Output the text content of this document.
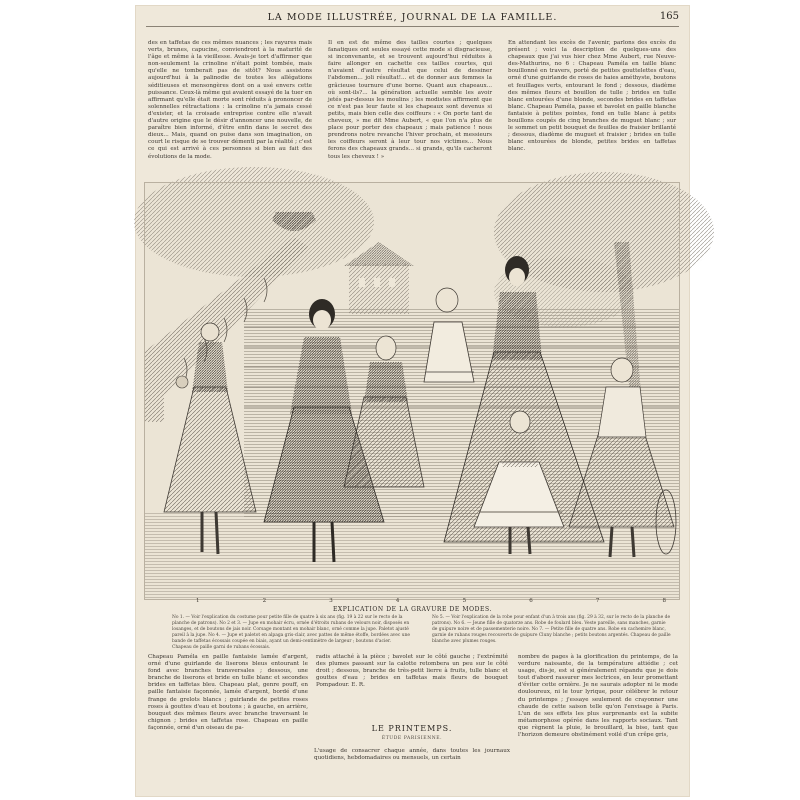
LA MODE ILLUSTRÉE, JOURNAL DE LA FAMILLE.	165

des en taffetas de ces mêmes nuances ; les rayures mais verts, brunes, capucine, conviendront à la maturité de l'âge et même à la vieillesse. Avais-je tort d'affirmer que non-seulement la crinoline n'était point tombée, mais qu'elle ne tomberait pas de sitôt? Nous assistons aujourd'hui à la palinodie de toutes les allégations séditieuses et mensongères dont on a usé envers cette puissance. Ceux-là même qui avaient essayé de la tuer en affirmant qu'elle était morte sont réduits à prononcer de solennelles rétractations : la crinoline n'a jamais cessé d'exister, et la croisade entreprise contre elle n'avait d'autre origine que le désir d'annoncer une nouvelle, de paraître bien informé, d'être enfin dans le secret des dieux... Mais, quand on puise dans son imagination, on court le risque de se trouver démenti par la réalité ; c'est ce qui est arrivé à ces personnes si bien au fait des évolutions de la mode.

Il en est de même des tailles courtes ; quelques fanatiques ont seules essayé cette mode si disgracieuse, si inconvenante, et se trouvent aujourd'hui réduites à faire allonger en cachette ces tailles courtes, qui n'avaient d'autre résultat que celui de dessiner l'abdomen... joli résultat!... et de donner aux femmes la grâcieuse tournure d'une borne. Quant aux chapeaux... où sont-ils?... la génération actuelle semble les avoir jetés par-dessus les moulins ; les modistes affirment que ce n'est pas leur faute si les chapeaux sont devenus si petits, mais bien celle des coiffeurs : « On porte tant de cheveux, » me dit Mme Aubert, « que l'on n'a plus de place pour porter des chapeaux ; mais patience ! nous prendrons notre revanche l'hiver prochain, et messieurs les coiffeurs seront à leur tour nos victimes... Nous ferons des chapeaux grands... si grands, qu'ils cacheront tous les cheveux ! »

En attendant les excès de l'avenir, parlons des excès du présent ; voici la description de quelques-uns des chapeaux que j'ai vus hier chez Mme Aubert, rue Neuve-des-Mathurins, no 6 : Chapeau Paméla en taille blanc bouillonné en travers, porté de petites gouttelettes d'eau, orné d'une guirlande de roses de haies améthyste, boutons et feuillages verts, entourant le fond ; dessous, diadème des mêmes fleurs et bouillon de tulle ; brides en tulle blanc entourées d'une blonde, secondes brides en taffetas blanc. Chapeau Paméla, passe et bavolet en paille blanche fantaisie à petites pointes, fond en tulle blanc à petits bouillons coupés de cinq branches de muguet blanc ; sur le sommet un petit bouquet de feuilles de fraisier brillanté ; dessous, diadème de muguet et fraisier ; brides en tulle blanc entourées de blonde, petites brides en taffetas blanc.

1	2	3	4	5	6	7	8
EXPLICATION DE LA GRAVURE DE MODES.

No 1. — Voir l'explication du costume pour petite fille de quatre à six ans (fig. 19 à 22 sur le recto de la planche de patrons). No 2 et 3. — Jupe en mohair écru, ornée d'étroits rubans de velours noir, disposés en losanges, et de boutons de jais noir. Corsage montant en mohair blanc, orné comme la jupe. Paletot ajusté pareil à la jupe. No 4. — Jupe et paletot en alpaga gris-clair, avec pattes de même étoffe, bordées avec une bande de taffetas écossais coupée en biais, ayant un demi-centimètre de largeur ; boutons d'acier. Chapeau de paille garni de rubans écossais.

No 5. — Voir l'explication de la robe pour enfant d'un à trois ans (fig. 29 à 32, sur le recto de la planche de patrons). No 6. — Jeune fille de quatorze ans. Robe de foulard bleu. Veste pareille, sans manches, garnie de guipure noire et de passementerie noire. No 7. — Petite fille de quatre ans. Robe en cachemire blanc, garnie de rubans rouges recouverts de guipure Cluny blanche ; petits boutons argentés. Chapeau de paille blanche avec plumes rouges.

Chapeau Paméla en paille fantaisie lamée d'argent, orné d'une guirlande de liserons bleus entourant le fond avec branches transversales ; dessous, une branche de liserons et bride en tulle blanc et secondes brides en taffetas bleu. Chapeau plat, genre pouff, en paille fantaisie façonnée, lamée d'argent, bordé d'une frange de grelots blancs ; guirlande de petites roses roses à gouttes d'eau et boutons ; à gauche, en arrière, bouquet des mêmes fleurs avec branche traversant le chignon ; brides en taffetas rose. Chapeau en paille façonnée, orné d'un oiseau de pa-

radis attaché à la pièce ; bavolet sur le côté gauche ; l'extrémité des plumes passant sur la calotte retombera un peu sur le côté droit ; dessous, branche de très-petit lierre à fruits, tulle blanc et gouttes d'eau ; brides en taffetas mais fleurs de bouquet Pompadour. E. R.

nombre de pages à la glorification du printemps, de la verdure naissante, de la température attiédie ; cet usage, dis-je, est si généralement répandu que je dois tout d'abord rassurer mes lectrices, en leur promettant d'éviter cette ornière. Je ne saurais adopter ni le mode douloureux, ni le tour lyrique, pour célébrer le retour du printemps ; j'essaye seulement de crayonner une chaude de cette saison telle qu'on l'envisage à Paris. L'un de ses effets les plus surprenants est la subite métamorphose opérée dans les rapports sociaux. Tant que règnent la pluie, le brouillard, la bise, tant que l'horizon demeure obstinément voilé d'un crêpe gris,

LE PRINTEMPS.
ÉTUDE PARISIENNE.
L'usage de consacrer chaque année, dans toutes les journaux quotidiens, hebdomadaires ou mensuels, un certain
